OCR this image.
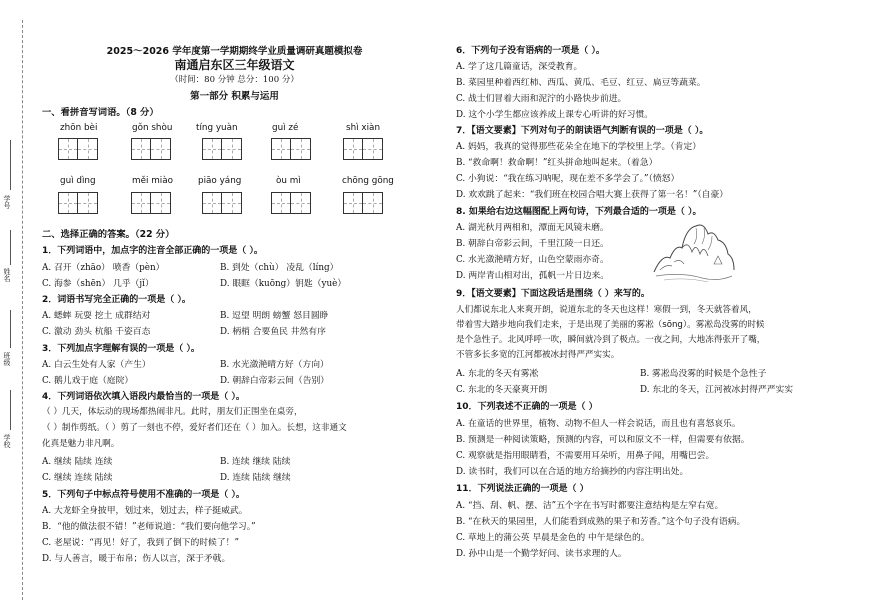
学号
姓名
班级
学校
2025～2026 学年度第一学期期终学业质量调研真题模拟卷
南通启东区三年级语文
（时间：80 分钟 总分：100 分）
第一部分 积累与运用
一、看拼音写词语。（8 分）
zhōn bèi	gǒn shòu	tíng yuàn	guì zé	shì xiàn
guì dìng	měi miào	piāo yáng	òu mì	chōng gōng
二、选择正确的答案。（22 分）
1．下列词语中，加点字的注音全部正确的一项是（ ）。
A. 召开（zhāo） 喷香（pèn）	B. 到处（chù） 凌乱（líng）
C. 海参（shēn） 几乎（jǐ）	D. 眼眶（kuōng）钥匙（yuè）
2．词语书写完全正确的一项是（ ）。
A. 蟋蟀 玩耍 挖土 成群结对	B. 逗望 明朗 螃蟹 怒目圆睁
C. 激动 劲头 杭船 千姿百态	D. 柄梢 合要鱼民 井然有序
3．下列加点字理解有误的一项是（ ）。
A. 白云生处有人家（产生）	B. 水光潋滟晴方好（方向）
C. 鹅儿戏于庭（庭院）	D. 朝辞白帝彩云间（告别）
4．下列词语依次填入语段内最恰当的一项是（ ）。
（ ）几天，体坛动的现场都热闹非凡。此时，朋友们正围坐在桌旁，
（ ）制作剪纸。（ ）剪了一刻也不停，爱好者们还在（ ）加入。长想，这非通文
化真是魅力非凡啊。
A. 继续 陆续 连续	B. 连续 继续 陆续
C. 继续 连续 陆续	D. 连续 陆续 继续
5．下列句子中标点符号使用不准确的一项是（ ）。
A. 大龙虾全身披甲，划过来，划过去，样子挺威武。
B．“他的做法很不错！”老师说道：“我们要向他学习。”
C. 老屋说：“再见！好了，我到了倒下的时候了！”
D. 与人善言，暖于布帛；伤人以言，深于矛戟。
6．下列句子没有语病的一项是（ ）。
A. 学了这几篇童话，深受教育。
B. 菜园里种着西红柿、西瓜、黄瓜、毛豆、红豆、扁豆等蔬菜。
C. 战士们冒着大雨和泥泞的小路快步前进。
D. 这个小学生都应该养成上课专心听讲的好习惯。
7．【语文要素】下列对句子的朗读语气判断有误的一项是（ ）。
A. 妈妈，我真的觉得那些花朵全在地下的学校里上学。（肯定）
B. “救命啊！救命啊！”红头拼命地叫起来。（着急）
C. 小狗说：“我在练习呐呢，现在差不多学会了。”（愤怒）
D. 欢欢跳了起来：“我们班在校园合唱大赛上获得了第一名！”（自豪）
8. 如果给右边这幅图配上两句诗，下列最合适的一项是（ ）。
A. 湖光秋月两相和，潭面无风镜未磨。
B. 朝辞白帝彩云间，千里江陵一日还。
C. 水光潋滟晴方好，山色空蒙雨亦奇。
D. 两岸青山相对出，孤帆一片日边来。
9．【语文要素】下面这段话是围绕（ ）来写的。
人们都说东北人来爽开朗，说道东北的冬天也这样！寒假一到，冬天就答着风，
带着雪大踏步地向我们走来，于是出现了美丽的雾凇（sōng）。雾凇岛没雾的时候
是个急性子。北风呼呼一吹，瞬间就冷到了极点。一夜之间，大地冻得张开了嘴，
不管多长多宽的江河都被冰封得严严实实。
A. 东北的冬天有雾凇	B. 雾凇岛没雾的时候是个急性子
C. 东北的冬天豪爽开朗	D. 东北的冬天，江河被冰封得严严实实
10．下列表述不正确的一项是（ ）
A. 在童话的世界里，植物、动物不但人一样会说话，而且也有喜怒哀乐。
B. 预测是一种阅读策略，预测的内容，可以和原文不一样，但需要有依据。
C. 观察就是指用眼睛看，不需要用耳朵听，用鼻子闻，用嘴巴尝。
D. 读书时，我们可以在合适的地方给摘抄的内容注明出处。
11．下列说法正确的一项是（ ）
A. “挡、刮、帆、摆、洁”五个字在书写时都要注意结构是左窄右宽。
B. “在秋天的果园里，人们能看到成熟的果子和芳香。”这个句子没有语病。
C. 草地上的蒲公英 早晨是金色的 中午是绿色的。
D. 孙中山是一个勤学好问、读书求理的人。
